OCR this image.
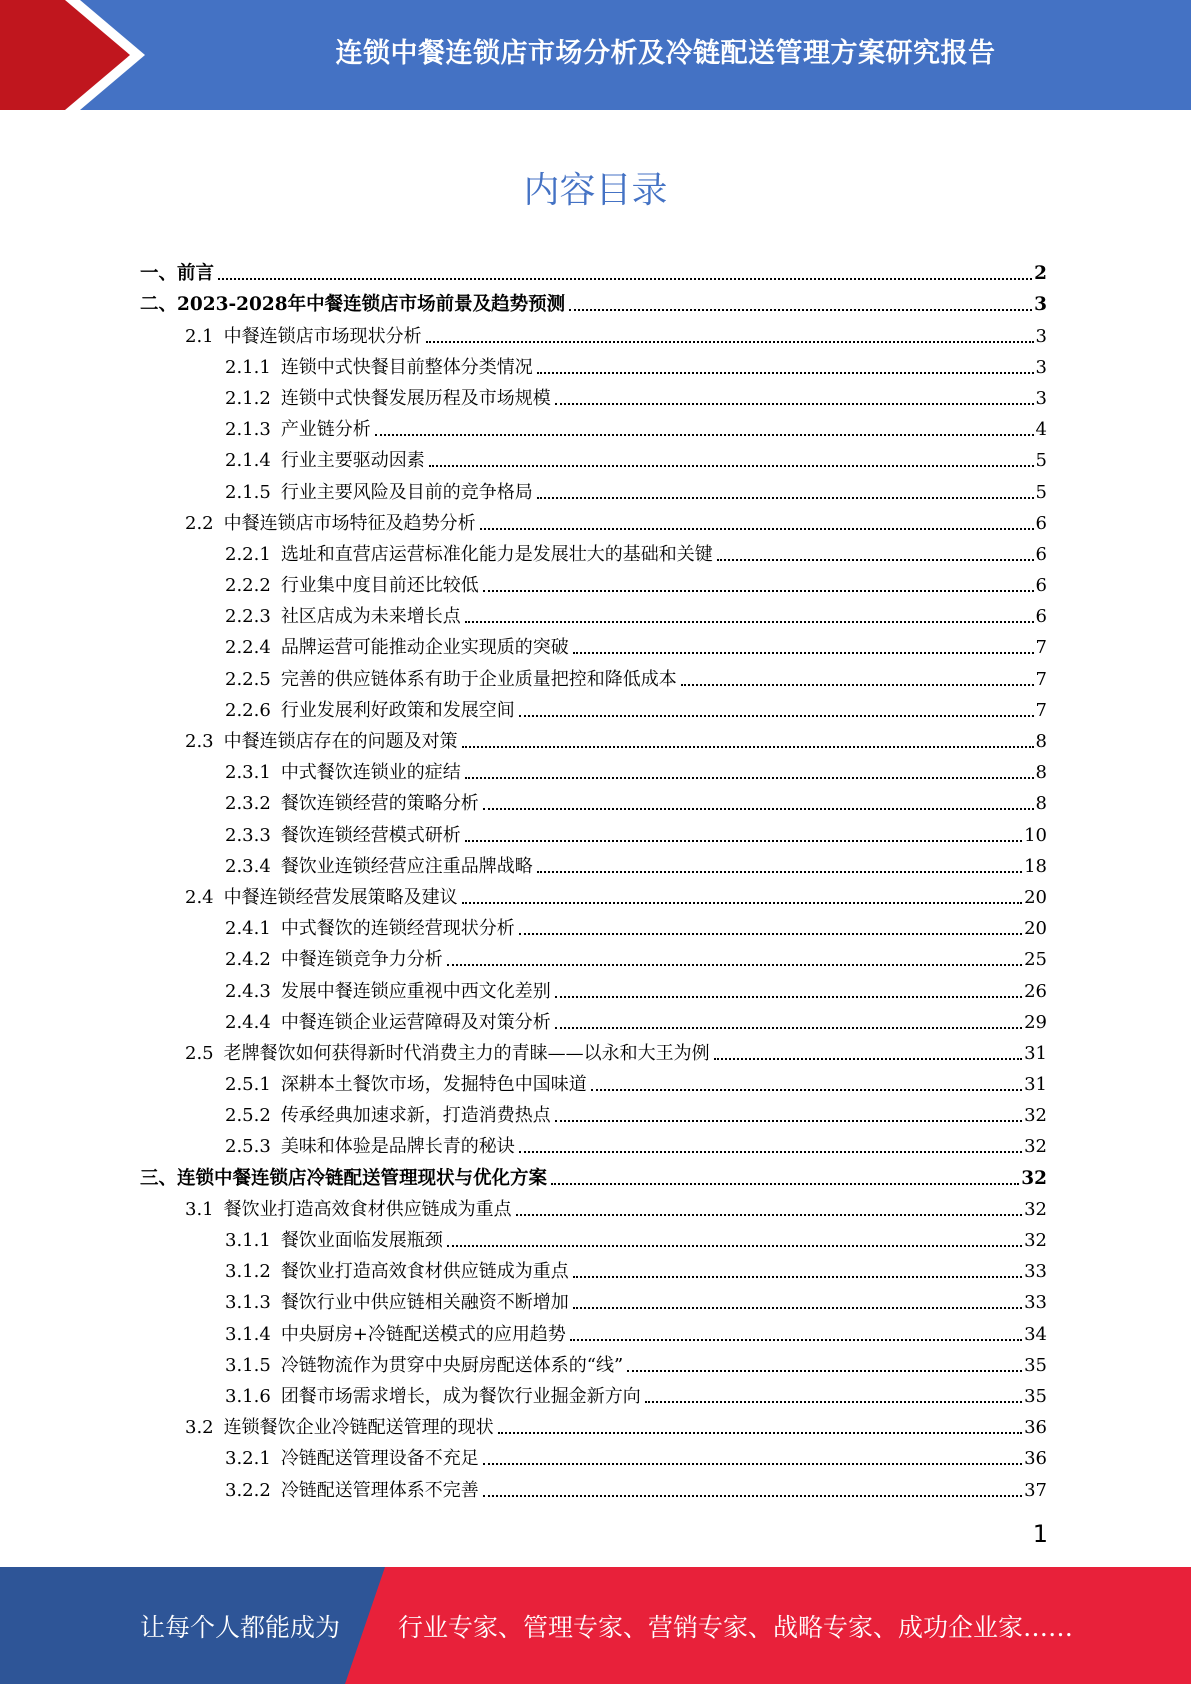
连锁中餐连锁店市场分析及冷链配送管理方案研究报告
内容目录
一、 前言	2
二、 2023-2028年中餐连锁店市场前景及趋势预测	3
2.1 中餐连锁店市场现状分析	3
2.1.1 连锁中式快餐目前整体分类情况	3
2.1.2 连锁中式快餐发展历程及市场规模	3
2.1.3 产业链分析	4
2.1.4 行业主要驱动因素	5
2.1.5 行业主要风险及目前的竞争格局	5
2.2 中餐连锁店市场特征及趋势分析	6
2.2.1 选址和直营店运营标准化能力是发展壮大的基础和关键	6
2.2.2 行业集中度目前还比较低	6
2.2.3 社区店成为未来增长点	6
2.2.4 品牌运营可能推动企业实现质的突破	7
2.2.5 完善的供应链体系有助于企业质量把控和降低成本	7
2.2.6 行业发展利好政策和发展空间	7
2.3 中餐连锁店存在的问题及对策	8
2.3.1 中式餐饮连锁业的症结	8
2.3.2 餐饮连锁经营的策略分析	8
2.3.3 餐饮连锁经营模式研析	10
2.3.4 餐饮业连锁经营应注重品牌战略	18
2.4 中餐连锁经营发展策略及建议	20
2.4.1 中式餐饮的连锁经营现状分析	20
2.4.2 中餐连锁竞争力分析	25
2.4.3 发展中餐连锁应重视中西文化差别	26
2.4.4 中餐连锁企业运营障碍及对策分析	29
2.5 老牌餐饮如何获得新时代消费主力的青睐——以永和大王为例	31
2.5.1 深耕本土餐饮市场，发掘特色中国味道	31
2.5.2 传承经典加速求新，打造消费热点	32
2.5.3 美味和体验是品牌长青的秘诀	32
三、 连锁中餐连锁店冷链配送管理现状与优化方案	32
3.1 餐饮业打造高效食材供应链成为重点	32
3.1.1 餐饮业面临发展瓶颈	32
3.1.2 餐饮业打造高效食材供应链成为重点	33
3.1.3 餐饮行业中供应链相关融资不断增加	33
3.1.4 中央厨房+冷链配送模式的应用趋势	34
3.1.5 冷链物流作为贯穿中央厨房配送体系的“线”	35
3.1.6 团餐市场需求增长，成为餐饮行业掘金新方向	35
3.2 连锁餐饮企业冷链配送管理的现状	36
3.2.1 冷链配送管理设备不充足	36
3.2.2 冷链配送管理体系不完善	37
1
让每个人都能成为 行业专家、管理专家、营销专家、战略专家、成功企业家……
